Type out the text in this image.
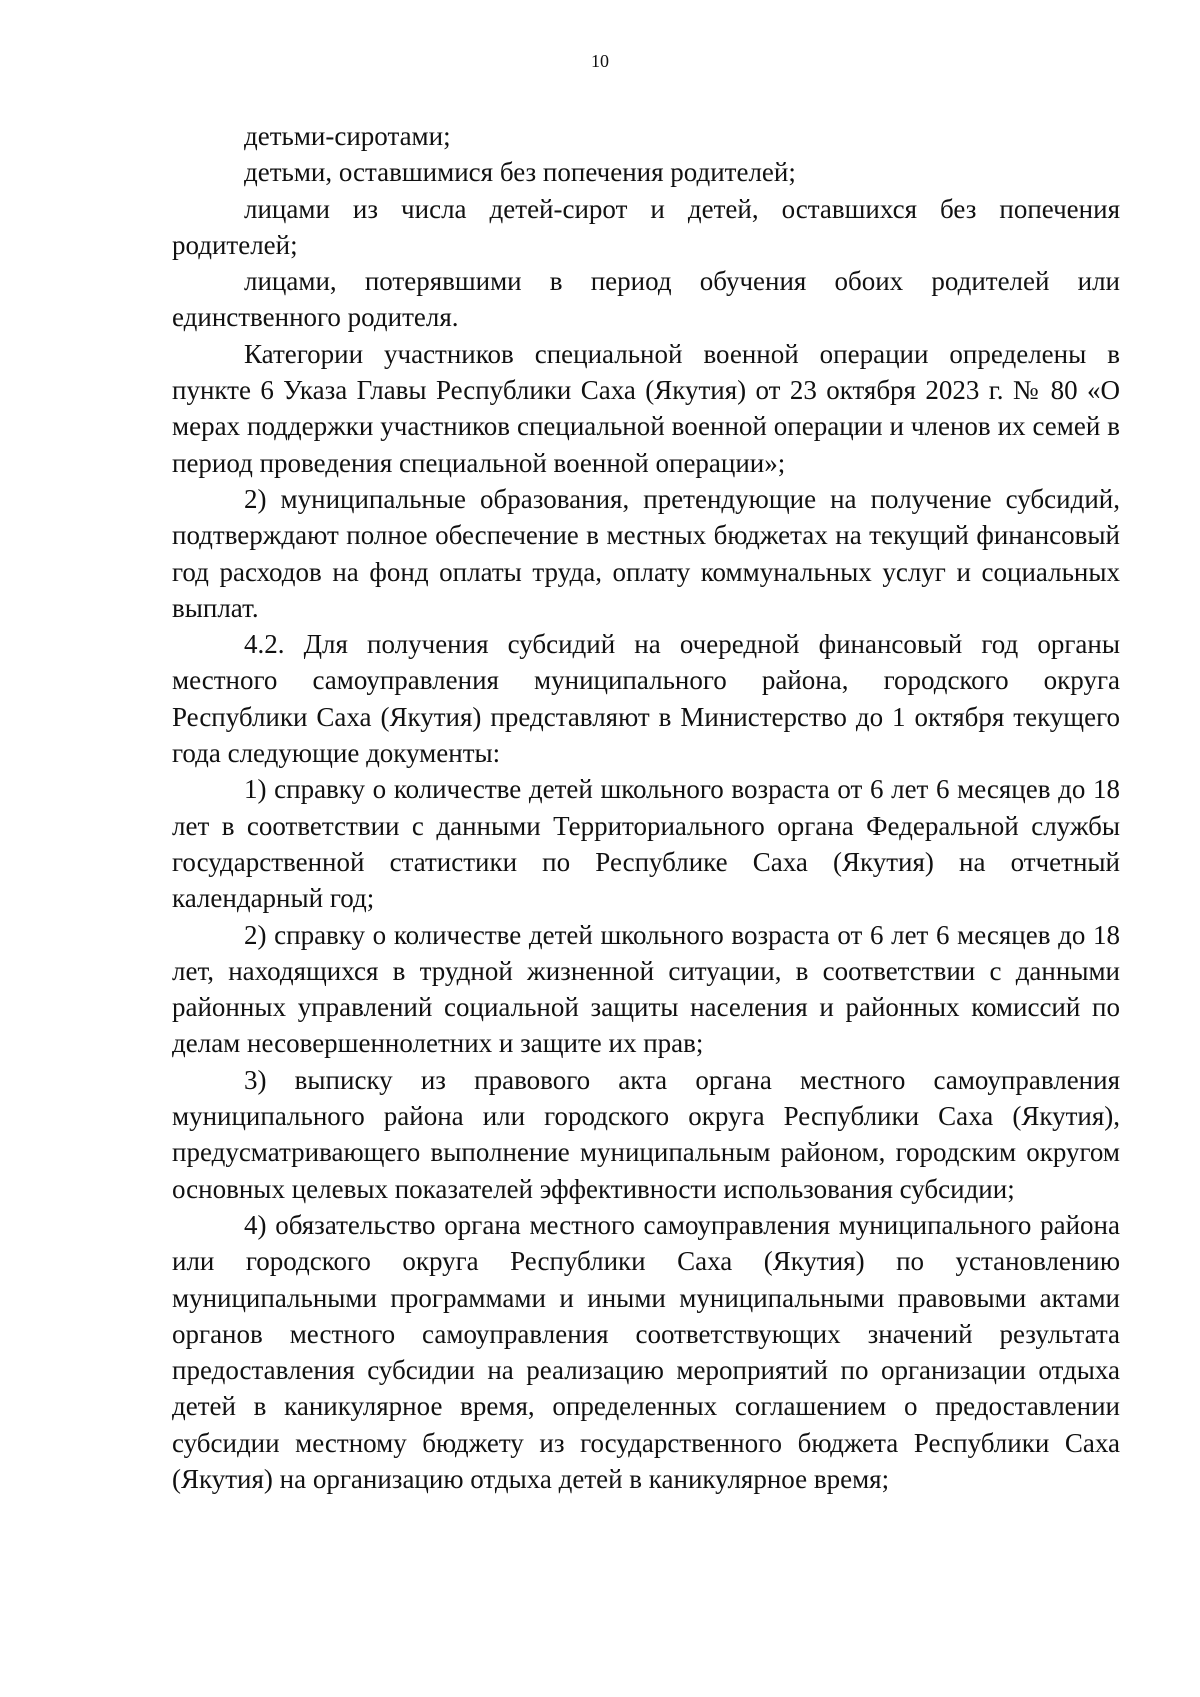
10

детьми-сиротами;

детьми, оставшимися без попечения родителей;

лицами из числа детей-сирот и детей, оставшихся без попечения родителей;

лицами, потерявшими в период обучения обоих родителей или единственного родителя.

Категории участников специальной военной операции определены в пункте 6 Указа Главы Республики Саха (Якутия) от 23 октября 2023 г. № 80 «О мерах поддержки участников специальной военной операции и членов их семей в период проведения специальной военной операции»;

2) муниципальные образования, претендующие на получение субсидий, подтверждают полное обеспечение в местных бюджетах на текущий финансовый год расходов на фонд оплаты труда, оплату коммунальных услуг и социальных выплат.

4.2. Для получения субсидий на очередной финансовый год органы местного самоуправления муниципального района, городского округа Республики Саха (Якутия) представляют в Министерство до 1 октября текущего года следующие документы:

1) справку о количестве детей школьного возраста от 6 лет 6 месяцев до 18 лет в соответствии с данными Территориального органа Федеральной службы государственной статистики по Республике Саха (Якутия) на отчетный календарный год;

2) справку о количестве детей школьного возраста от 6 лет 6 месяцев до 18 лет, находящихся в трудной жизненной ситуации, в соответствии с данными районных управлений социальной защиты населения и районных комиссий по делам несовершеннолетних и защите их прав;

3) выписку из правового акта органа местного самоуправления муниципального района или городского округа Республики Саха (Якутия), предусматривающего выполнение муниципальным районом, городским округом основных целевых показателей эффективности использования субсидии;

4) обязательство органа местного самоуправления муниципального района или городского округа Республики Саха (Якутия) по установлению муниципальными программами и иными муниципальными правовыми актами органов местного самоуправления соответствующих значений результата предоставления субсидии на реализацию мероприятий по организации отдыха детей в каникулярное время, определенных соглашением о предоставлении субсидии местному бюджету из государственного бюджета Республики Саха (Якутия) на организацию отдыха детей в каникулярное время;
